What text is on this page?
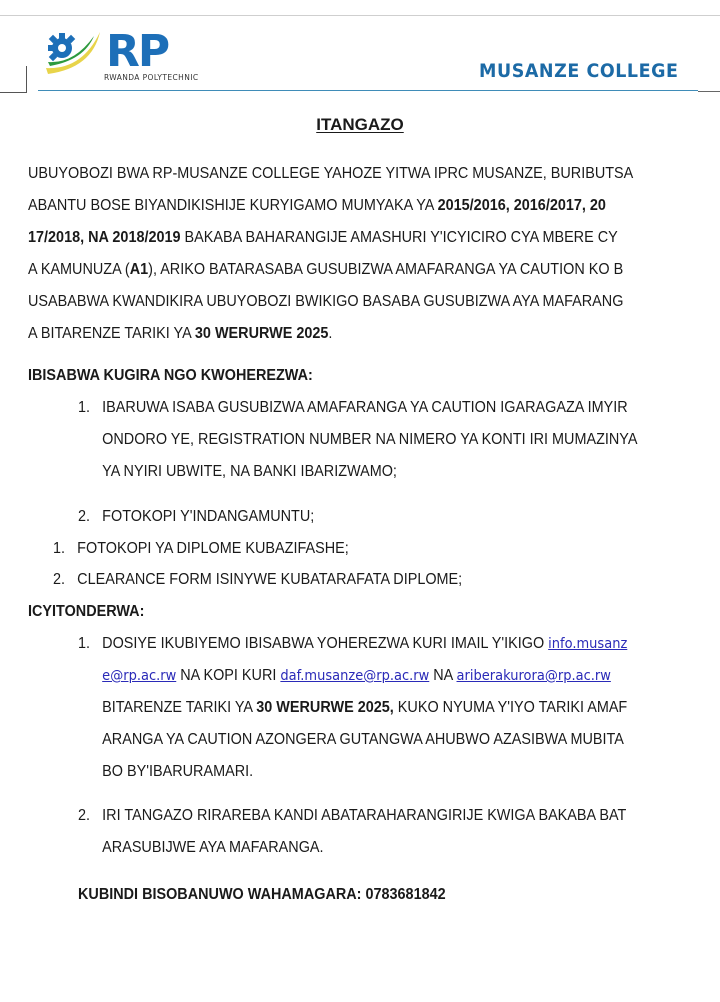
RP
RWANDA POLYTECHNIC	MUSANZE COLLEGE
ITANGAZO
UBUYOBOZI BWA RP-MUSANZE COLLEGE YAHOZE YITWA IPRC MUSANZE, BURIBUTSA
ABANTU BOSE BIYANDIKISHIJE KURYIGAMO MUMYAKA YA 2015/2016, 2016/2017, 20
17/2018, NA 2018/2019 BAKABA BAHARANGIJE AMASHURI Y'ICYICIRO CYA MBERE CY
A KAMUNUZA (A1), ARIKO BATARASABA GUSUBIZWA AMAFARANGA YA CAUTION KO B
USABABWA KWANDIKIRA UBUYOBOZI BWIKIGO BASABA GUSUBIZWA AYA MAFARANG
A BITARENZE TARIKI YA 30 WERURWE 2025.
IBISABWA KUGIRA NGO KWOHEREZWA:
1. IBARUWA ISABA GUSUBIZWA AMAFARANGA YA CAUTION IGARAGAZA IMYIR
ONDORO YE, REGISTRATION NUMBER NA NIMERO YA KONTI IRI MUMAZINYA
YA NYIRI UBWITE, NA BANKI IBARIZWAMO;
2. FOTOKOPI Y'INDANGAMUNTU;
1. FOTOKOPI YA DIPLOME KUBAZIFASHE;
2. CLEARANCE FORM ISINYWE KUBATARAFATA DIPLOME;
ICYITONDERWA:
1. DOSIYE IKUBIYEMO IBISABWA YOHEREZWA KURI IMAIL Y'IKIGO info.musanz
e@rp.ac.rw NA KOPI KURI daf.musanze@rp.ac.rw NA ariberakurora@rp.ac.rw
BITARENZE TARIKI YA 30 WERURWE 2025, KUKO NYUMA Y'IYO TARIKI AMAF
ARANGA YA CAUTION AZONGERA GUTANGWA AHUBWO AZASIBWA MUBITA
BO BY'IBARURAMARI.
2. IRI TANGAZO RIRAREBA KANDI ABATARAHARANGIRIJE KWIGA BAKABA BAT
ARASUBIJWE AYA MAFARANGA.
KUBINDI BISOBANUWO WAHAMAGARA: 0783681842
